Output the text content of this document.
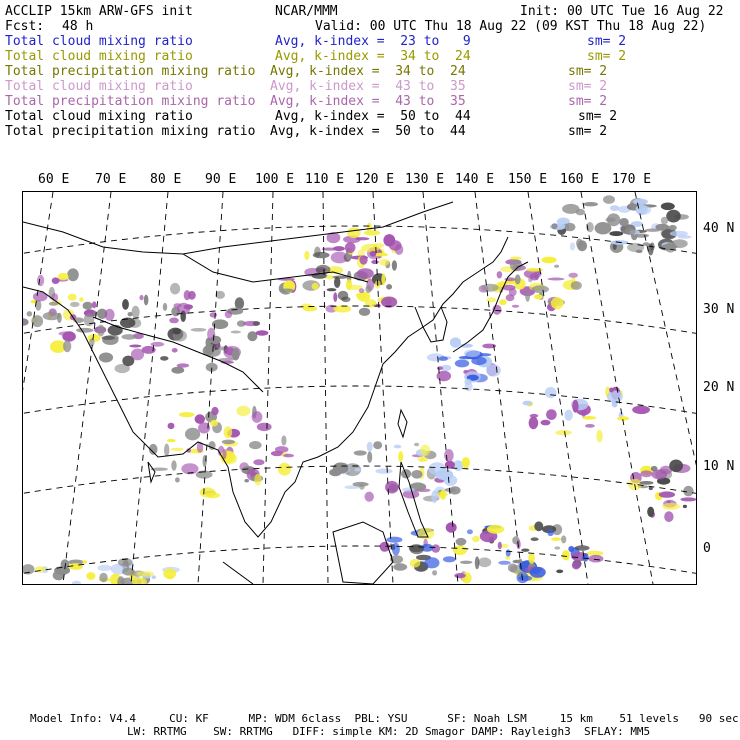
ACCLIP 15km ARW-GFS init	NCAR/MMM	Init: 00 UTC Tue 16 Aug 22
Fcst: 48 h	Valid: 00 UTC Thu 18 Aug 22 (09 KST Thu 18 Aug 22)
Total cloud mixing ratio	Avg, k-index =  23 to   9	sm= 2
Total cloud mixing ratio	Avg, k-index =  34 to  24	sm= 2
Total precipitation mixing ratio Avg, k-index =  34 to  24	sm= 2
Total cloud mixing ratio	Avg, k-index =  43 to  35	sm= 2
Total precipitation mixing ratio Avg, k-index =  43 to  35	sm= 2
Total cloud mixing ratio	Avg, k-index =  50 to  44	sm= 2
Total precipitation mixing ratio Avg, k-index =  50 to  44	sm= 2
60 E 70 E 80 E 90 E 100 E 110 E 120 E 130 E 140 E 150 E 160 E 170 E
40 N
30 N
20 N
10 N
0
Model Info: V4.4     CU: KF      MP: WDM 6class  PBL: YSU      SF: Noah LSM     15 km    51 levels   90 sec
LW: RRTMG    SW: RRTMG   DIFF: simple KM: 2D Smagor DAMP: Rayleigh3  SFLAY: MM5
